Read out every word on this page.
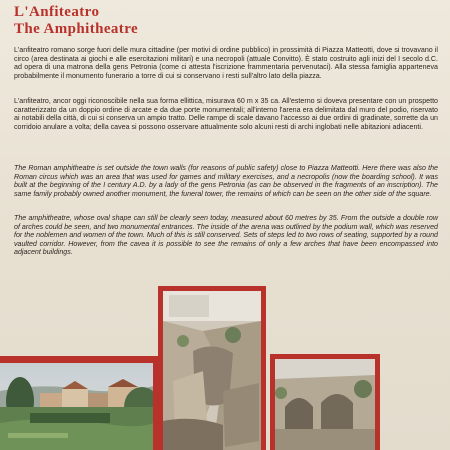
L'Anfiteatro
The Amphitheatre

L'anfiteatro romano sorge fuori delle mura cittadine (per motivi di ordine pubblico) in prossimità di Piazza Matteotti, dove si trovavano il circo (area destinata ai giochi e alle esercitazioni militari) e una necropoli (attuale Convitto). È stato costruito agli inizi del I secolo d.C. ad opera di una matrona della gens Petronia (come ci attesta l'iscrizione frammentaria pervenutaci). Alla stessa famiglia apparteneva probabilmente il monumento funerario a torre di cui si conservano i resti sull'altro lato della piazza.

L'anfiteatro, ancor oggi riconoscibile nella sua forma ellittica, misurava 60 m x 35 ca. All'esterno si doveva presentare con un prospetto caratterizzato da un doppio ordine di arcate e da due porte monumentali; all'interno l'arena era delimitata dal muro del podio, riservato ai notabili della città, di cui si conserva un ampio tratto. Delle rampe di scale davano l'accesso ai due ordini di gradinate, sorrette da un corridoio anulare a volta; della cavea si possono osservare attualmente solo alcuni resti di archi inglobati nelle abitazioni adiacenti.

The Roman amphitheatre is set outside the town walls (for reasons of public safety) close to Piazza Matteotti. Here there was also the Roman circus which was an area that was used for games and military exercises, and a necropolis (now the boarding school). It was built at the beginning of the I century A.D. by a lady of the gens Petronia (as can be observed in the fragments of an inscription). The same family probably owned another monument, the funeral tower, the remains of which can be seen on the other side of the square.

The amphitheatre, whose oval shape can still be clearly seen today, measured about 60 metres by 35. From the outside a double row of arches could be seen, and two monumental entrances. The inside of the arena was outlined by the podium wall, which was reserved for the noblemen and women of the town. Much of this is still conserved. Sets of steps led to two rows of seating, supported by a round vaulted corridor. However, from the cavea it is possible to see the remains of only a few arches that have been encompassed into adjacent buildings.
